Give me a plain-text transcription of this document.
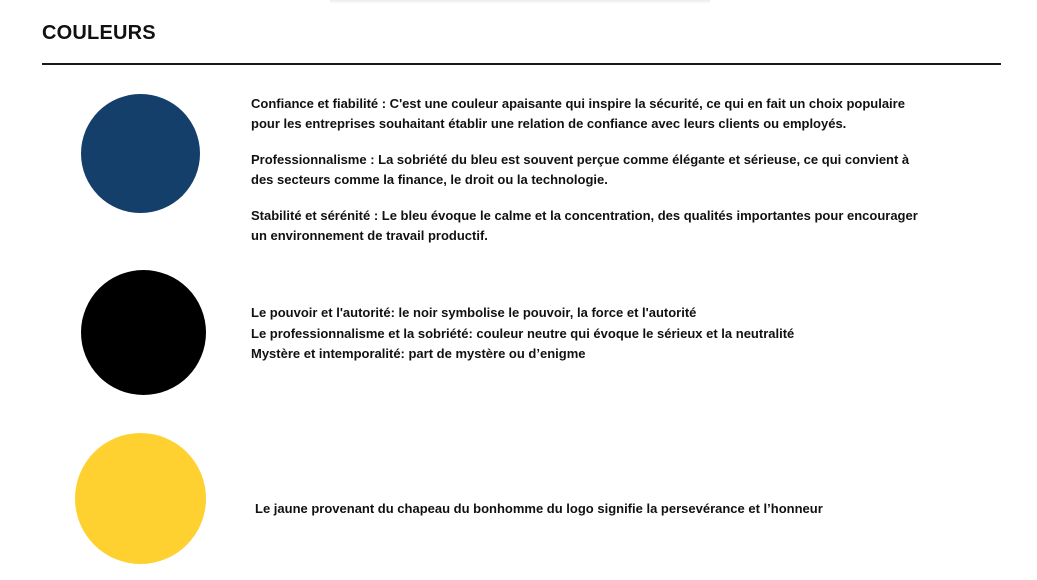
COULEURS

Confiance et fiabilité : C'est une couleur apaisante qui inspire la sécurité, ce qui en fait un choix populaire pour les entreprises souhaitant établir une relation de confiance avec leurs clients ou employés.

Professionnalisme : La sobriété du bleu est souvent perçue comme élégante et sérieuse, ce qui convient à des secteurs comme la finance, le droit ou la technologie.

Stabilité et sérénité : Le bleu évoque le calme et la concentration, des qualités importantes pour encourager un environnement de travail productif.

Le pouvoir et l'autorité: le noir symbolise le pouvoir, la force et l'autorité
Le professionnalisme et la sobriété: couleur neutre qui évoque le sérieux et la neutralité
Mystère et intemporalité: part de mystère ou d’enigme
Le jaune provenant du chapeau du bonhomme du logo signifie la persevérance et l’honneur
